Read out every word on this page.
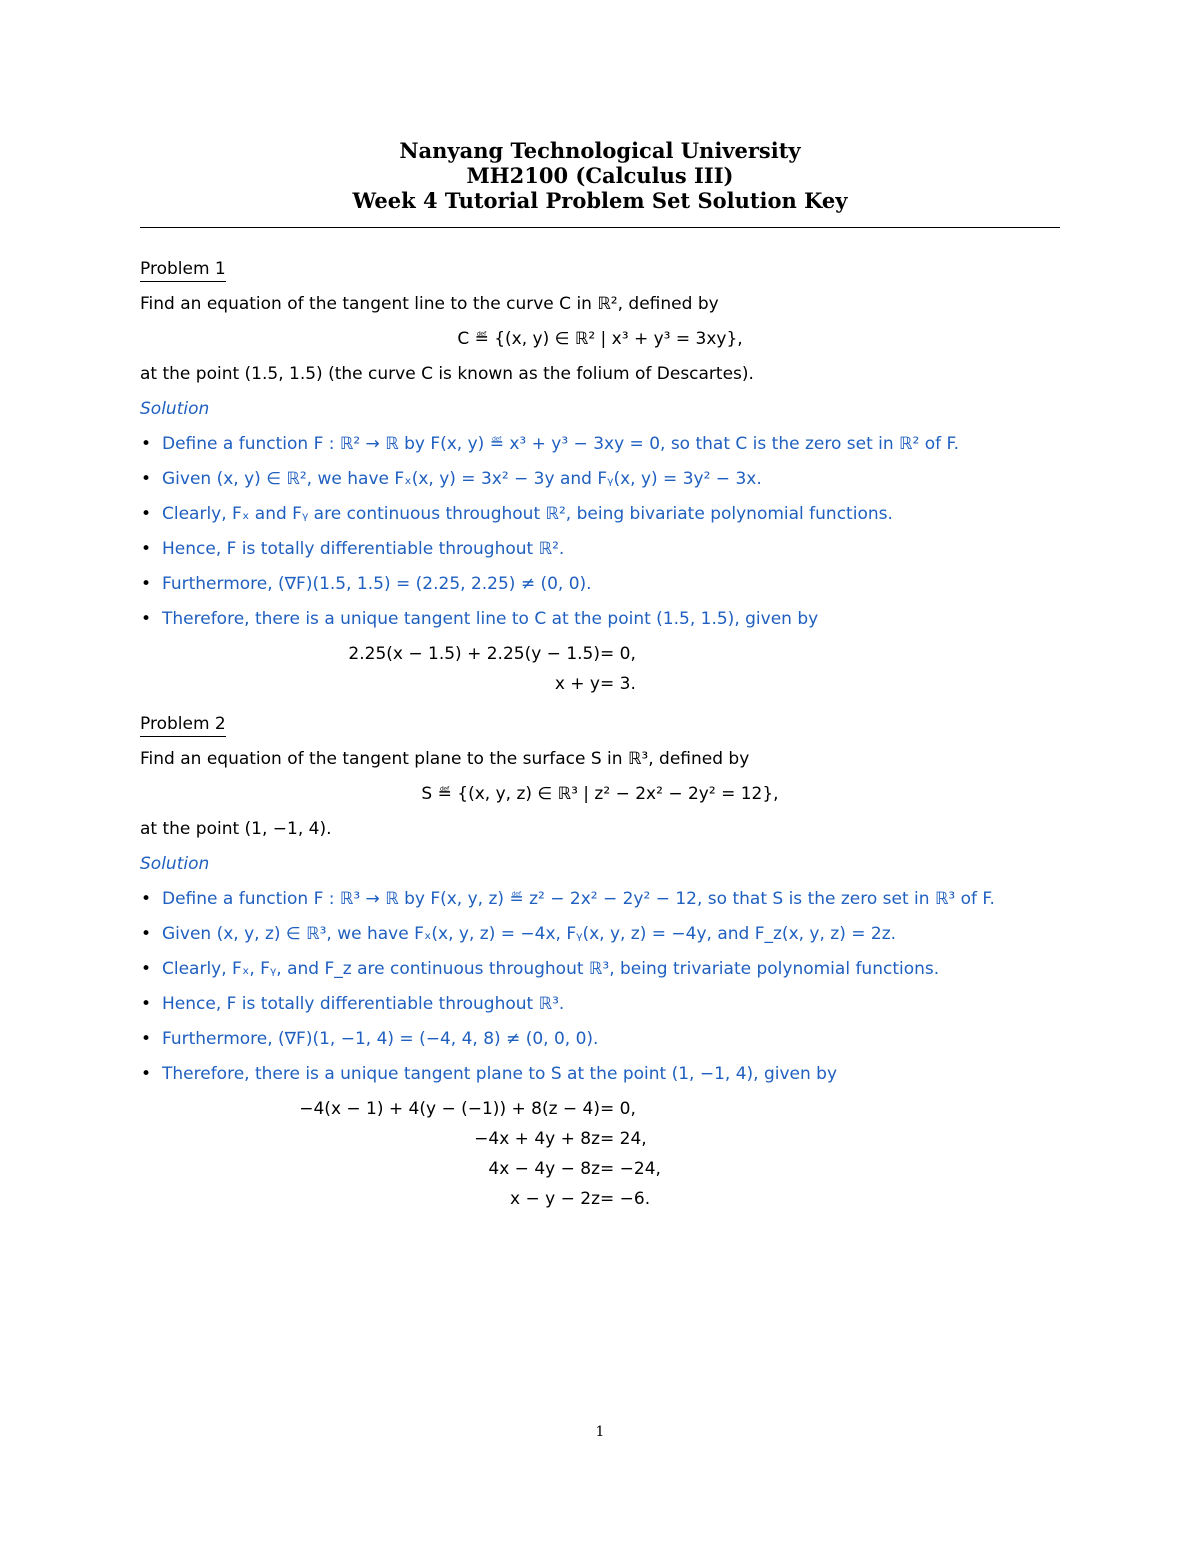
Nanyang Technological University
MH2100 (Calculus III)
Week 4 Tutorial Problem Set Solution Key
Problem 1
Find an equation of the tangent line to the curve C in ℝ², defined by
C ≝ {(x, y) ∈ ℝ² | x³ + y³ = 3xy},
at the point (1.5, 1.5) (the curve C is known as the folium of Descartes).
Solution
• Define a function F : ℝ² → ℝ by F(x, y) ≝ x³ + y³ − 3xy = 0, so that C is the zero set in ℝ² of F.
• Given (x, y) ∈ ℝ², we have Fₓ(x, y) = 3x² − 3y and Fᵧ(x, y) = 3y² − 3x.
• Clearly, Fₓ and Fᵧ are continuous throughout ℝ², being bivariate polynomial functions.
• Hence, F is totally differentiable throughout ℝ².
• Furthermore, (∇F)(1.5, 1.5) = (2.25, 2.25) ≠ (0, 0).
• Therefore, there is a unique tangent line to C at the point (1.5, 1.5), given by
2.25(x − 1.5) + 2.25(y − 1.5) = 0,
x + y = 3.
Problem 2
Find an equation of the tangent plane to the surface S in ℝ³, defined by
S ≝ {(x, y, z) ∈ ℝ³ | z² − 2x² − 2y² = 12},
at the point (1, −1, 4).
Solution
• Define a function F : ℝ³ → ℝ by F(x, y, z) ≝ z² − 2x² − 2y² − 12, so that S is the zero set in ℝ³ of F.
• Given (x, y, z) ∈ ℝ³, we have Fₓ(x, y, z) = −4x, Fᵧ(x, y, z) = −4y, and F_z(x, y, z) = 2z.
• Clearly, Fₓ, Fᵧ, and F_z are continuous throughout ℝ³, being trivariate polynomial functions.
• Hence, F is totally differentiable throughout ℝ³.
• Furthermore, (∇F)(1, −1, 4) = (−4, 4, 8) ≠ (0, 0, 0).
• Therefore, there is a unique tangent plane to S at the point (1, −1, 4), given by
−4(x − 1) + 4(y − (−1)) + 8(z − 4) = 0,
−4x + 4y + 8z = 24,
4x − 4y − 8z = −24,
x − y − 2z = −6.
1
